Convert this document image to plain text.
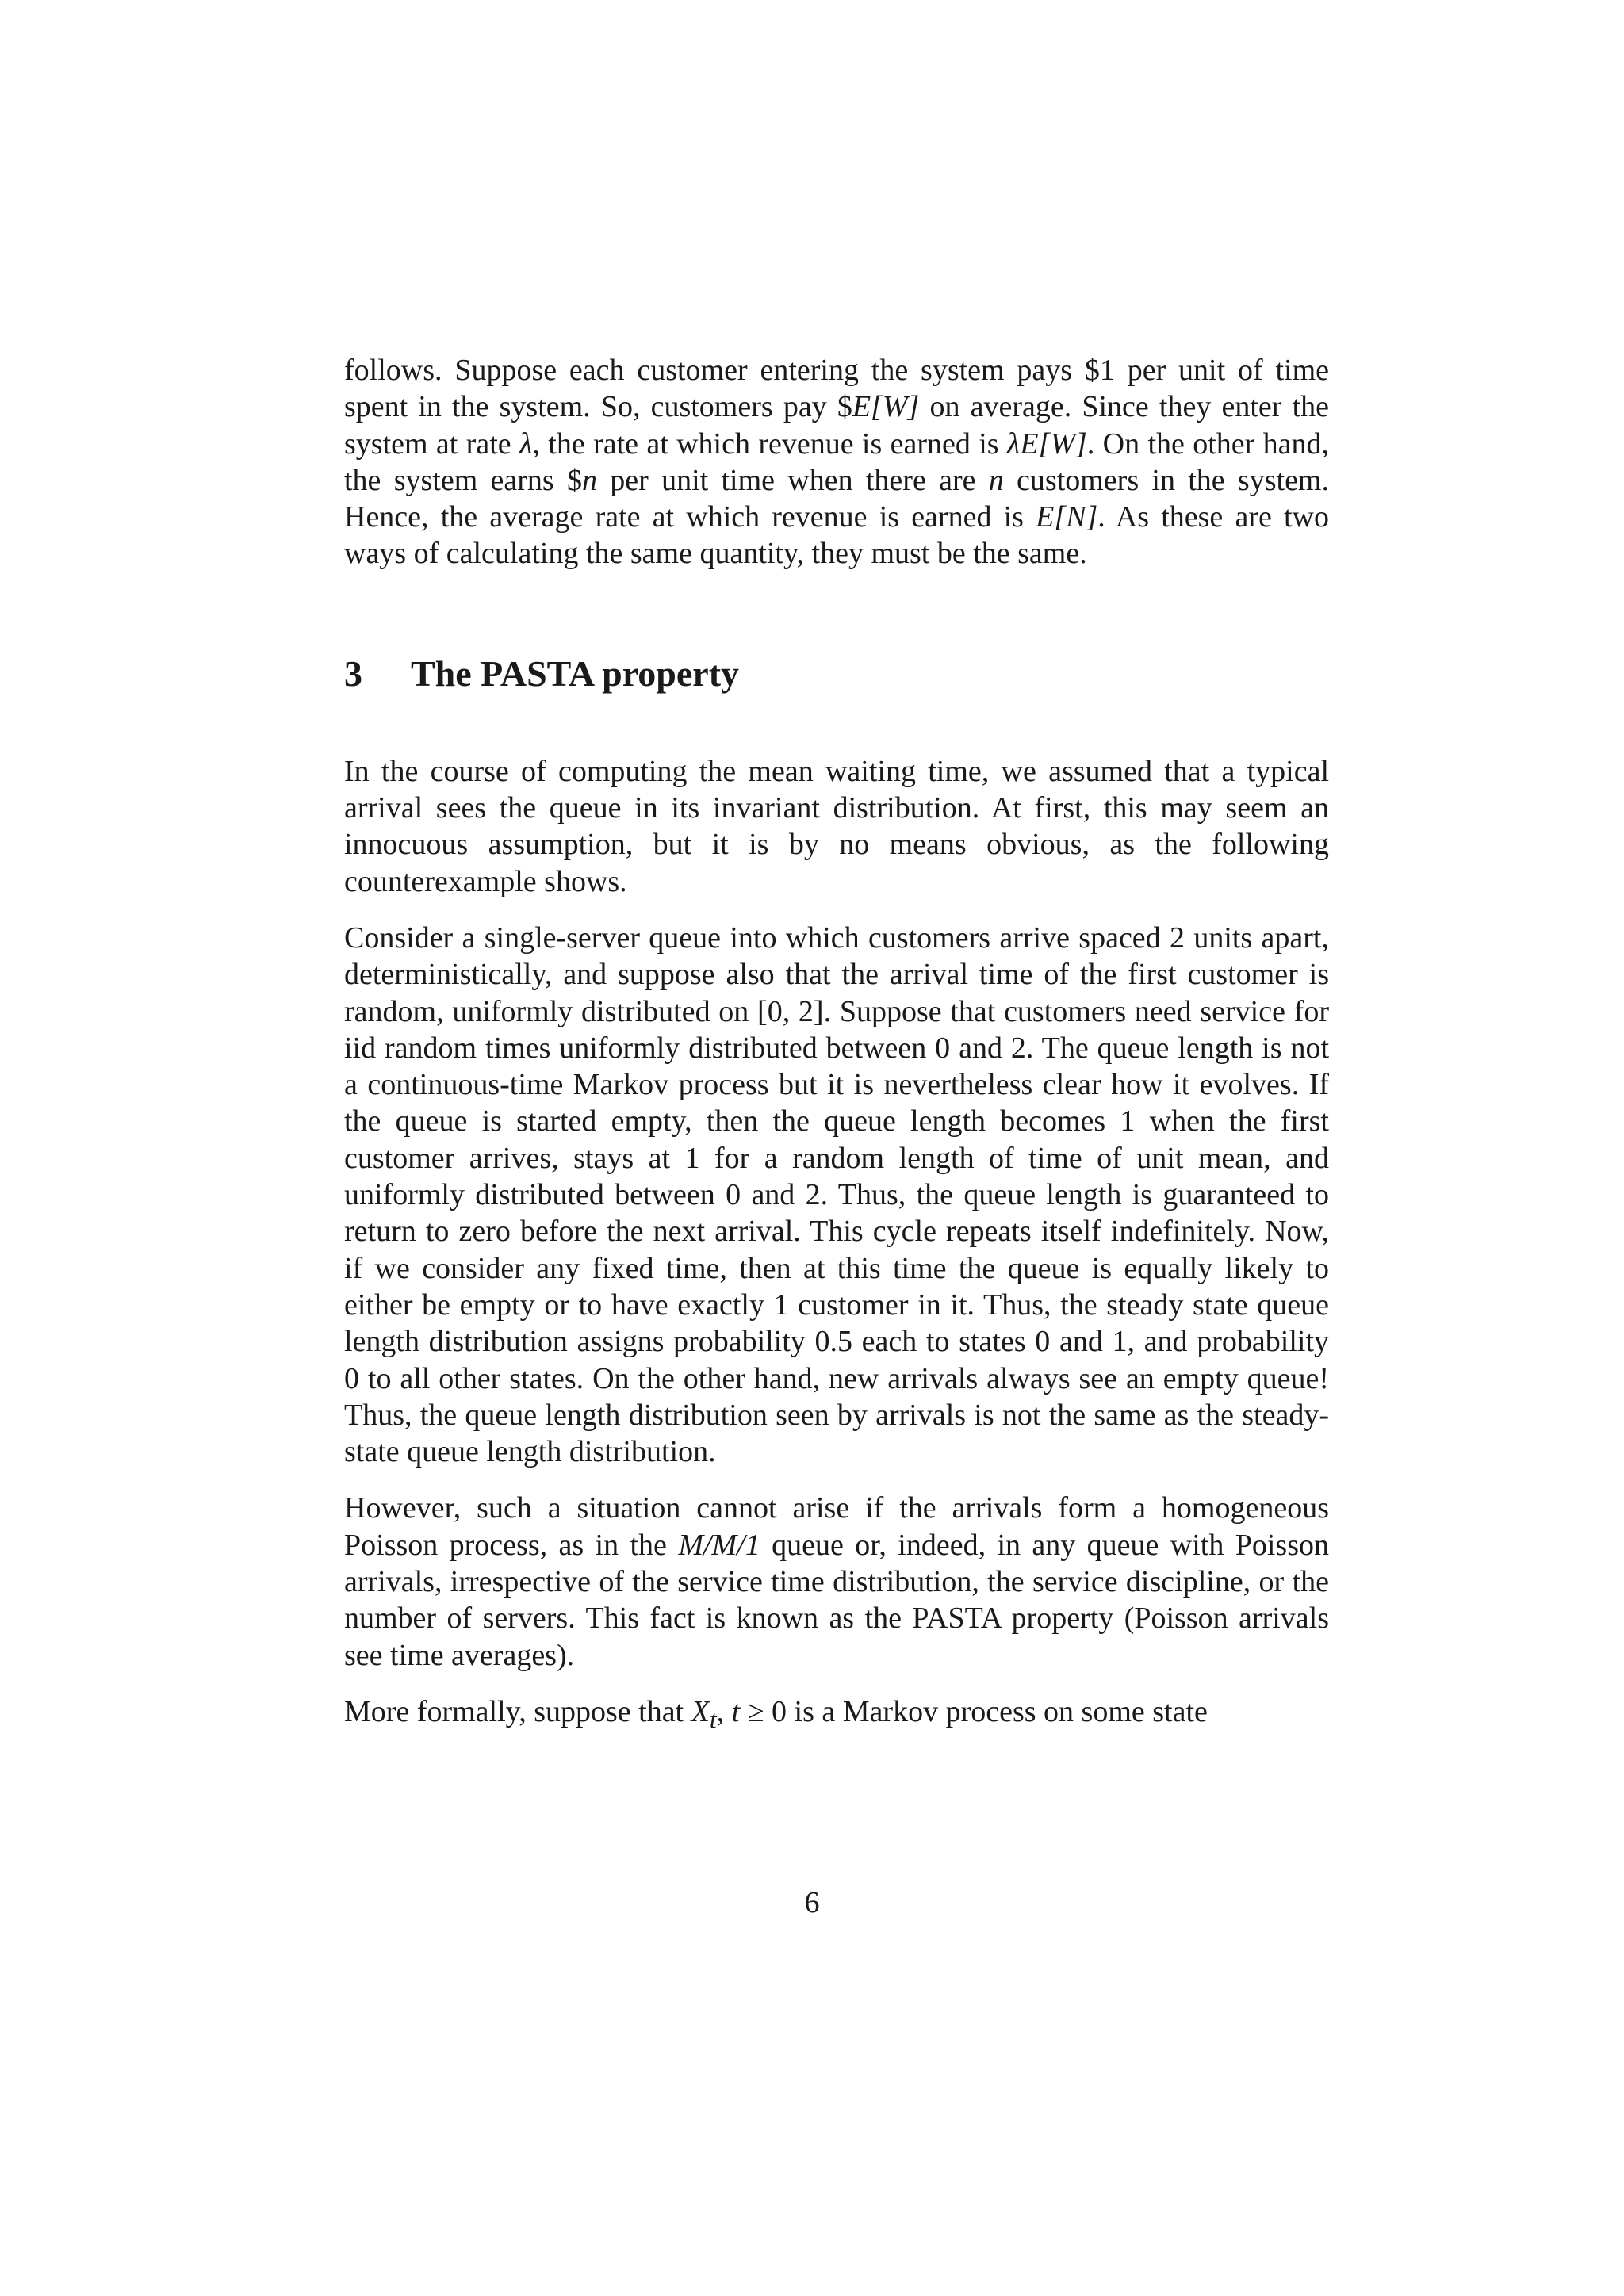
follows. Suppose each customer entering the system pays $1 per unit of time spent in the system. So, customers pay $E[W] on average. Since they enter the system at rate λ, the rate at which revenue is earned is λE[W]. On the other hand, the system earns $n per unit time when there are n customers in the system. Hence, the average rate at which revenue is earned is E[N]. As these are two ways of calculating the same quantity, they must be the same.

3	The PASTA property

In the course of computing the mean waiting time, we assumed that a typical arrival sees the queue in its invariant distribution. At first, this may seem an innocuous assumption, but it is by no means obvious, as the following counterexample shows.

Consider a single-server queue into which customers arrive spaced 2 units apart, deterministically, and suppose also that the arrival time of the first customer is random, uniformly distributed on [0, 2]. Suppose that customers need service for iid random times uniformly distributed between 0 and 2. The queue length is not a continuous-time Markov process but it is nevertheless clear how it evolves. If the queue is started empty, then the queue length becomes 1 when the first customer arrives, stays at 1 for a random length of time of unit mean, and uniformly distributed between 0 and 2. Thus, the queue length is guaranteed to return to zero before the next arrival. This cycle repeats itself indefinitely. Now, if we consider any fixed time, then at this time the queue is equally likely to either be empty or to have exactly 1 customer in it. Thus, the steady state queue length distribution assigns probability 0.5 each to states 0 and 1, and probability 0 to all other states. On the other hand, new arrivals always see an empty queue! Thus, the queue length distribution seen by arrivals is not the same as the steady-state queue length distribution.

However, such a situation cannot arise if the arrivals form a homogeneous Poisson process, as in the M/M/1 queue or, indeed, in any queue with Poisson arrivals, irrespective of the service time distribution, the service discipline, or the number of servers. This fact is known as the PASTA property (Poisson arrivals see time averages).

More formally, suppose that $X_t$, t ≥ 0 is a Markov process on some state

6
